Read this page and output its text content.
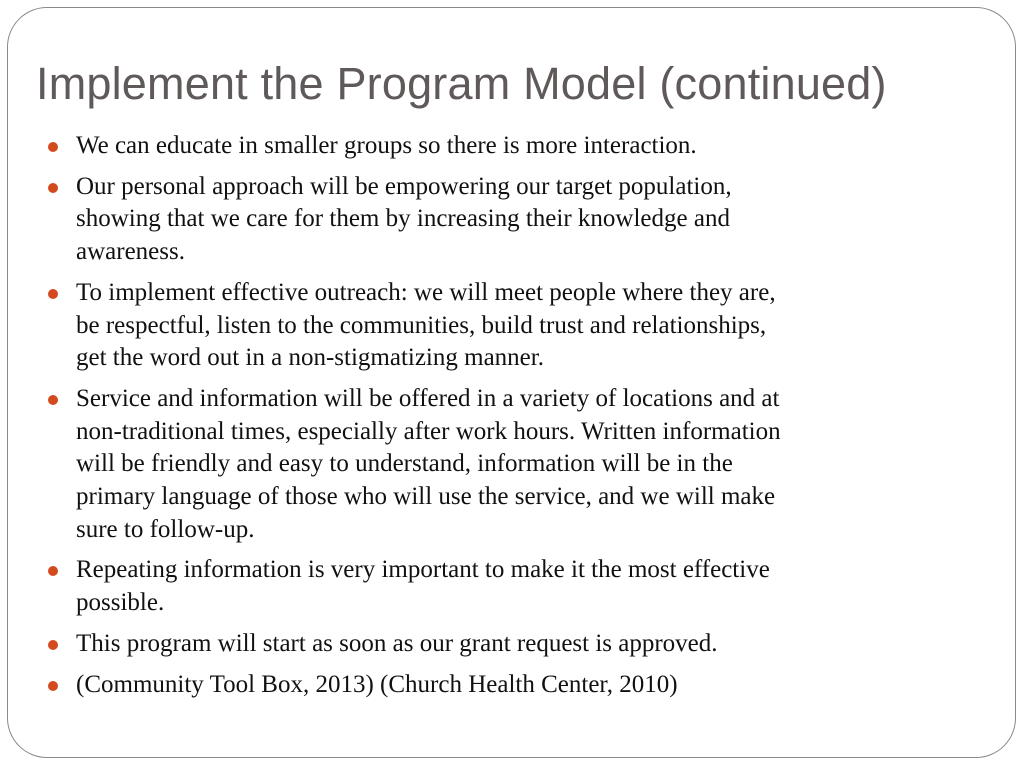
Implement the Program Model (continued)
We can educate in smaller groups so there is more interaction.
Our personal approach will be empowering our target population,
showing that we care for them by increasing their knowledge and
awareness.
To implement effective outreach: we will meet people where they are,
be respectful, listen to the communities, build trust and relationships,
get the word out in a non-stigmatizing manner.
Service and information will be offered in a variety of locations and at
non-traditional times, especially after work hours. Written information
will be friendly and easy to understand, information will be in the
primary language of those who will use the service, and we will make
sure to follow-up.
Repeating information is very important to make it the most effective
possible.
This program will start as soon as our grant request is approved.
(Community Tool Box, 2013) (Church Health Center, 2010)
